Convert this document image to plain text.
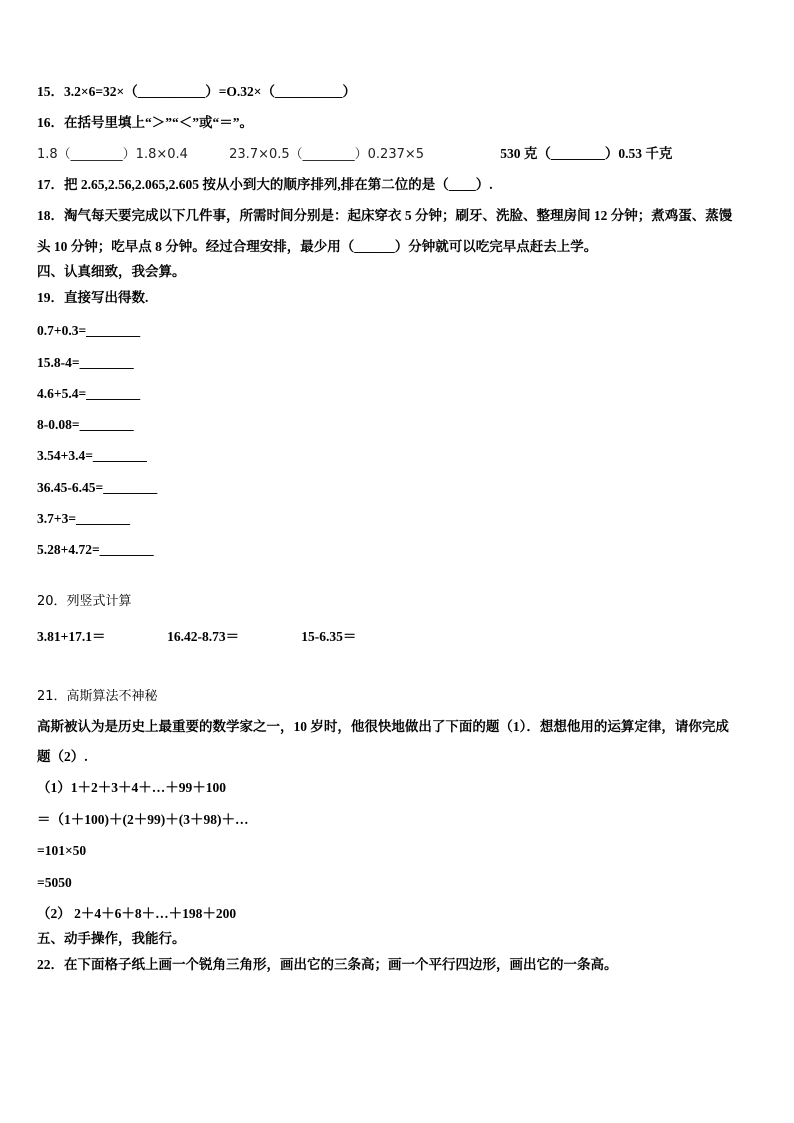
15．3.2×6=32×（__________）=O.32×（__________）
16．在括号里填上“＞”“＜”或“＝”。
1.8（________）1.8×0.4	23.7×0.5（________）0.237×5	530 克（________）0.53 千克
17．把 2.65,2.56,2.065,2.605 按从小到大的顺序排列,排在第二位的是（____）.
18．淘气每天要完成以下几件事，所需时间分别是：起床穿衣 5 分钟；刷牙、洗脸、整理房间 12 分钟；煮鸡蛋、蒸馒
头 10 分钟；吃早点 8 分钟。经过合理安排，最少用（______）分钟就可以吃完早点赶去上学。
四、认真细致，我会算。
19．直接写出得数.
0.7+0.3=________
15.8-4=________
4.6+5.4=________
8-0.08=________
3.54+3.4=________
36.45-6.45=________
3.7+3=________
5.28+4.72=________
20．列竖式计算
3.81+17.1＝	16.42-8.73＝	15-6.35＝
21．高斯算法不神秘
高斯被认为是历史上最重要的数学家之一，10 岁时，他很快地做出了下面的题（1）．想想他用的运算定律，请你完成
题（2）.
（1）1＋2＋3＋4＋…＋99＋100
＝（1＋100)＋(2＋99)＋(3＋98)＋…
=101×50
=5050
（2） 2＋4＋6＋8＋…＋198＋200
五、动手操作，我能行。
22．在下面格子纸上画一个锐角三角形，画出它的三条高；画一个平行四边形，画出它的一条高。
